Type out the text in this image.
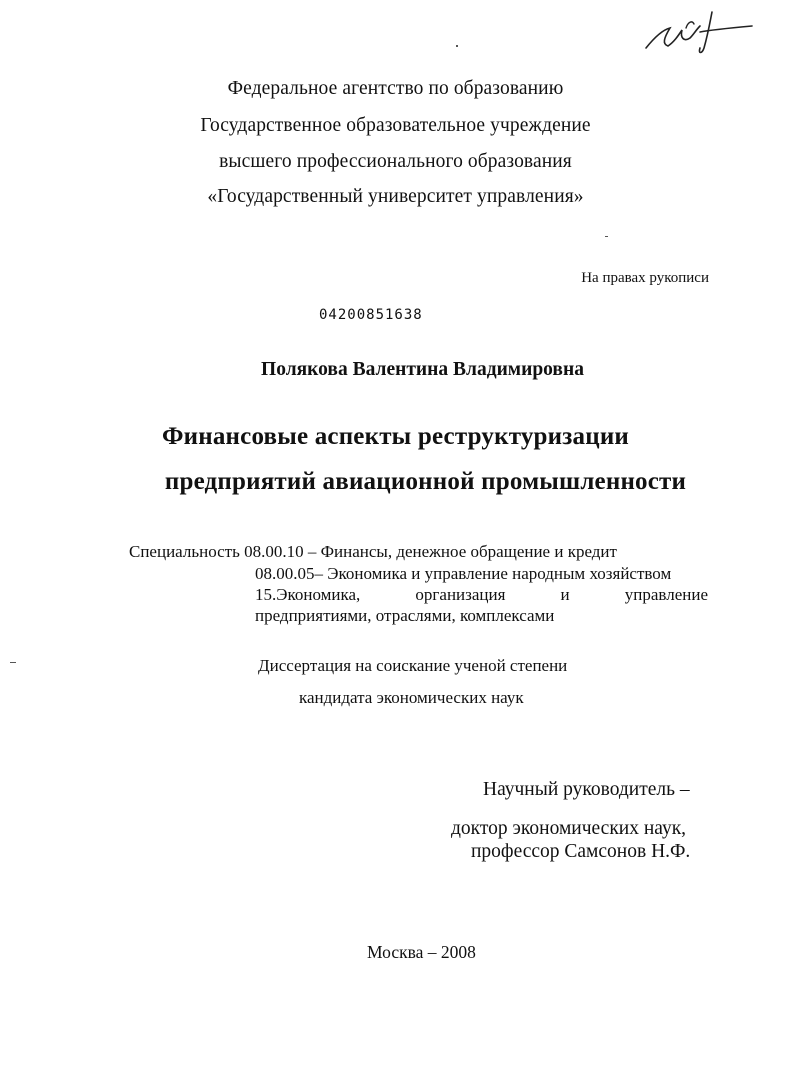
Федеральное агентство по образованию
Государственное образовательное учреждение
высшего профессионального образования
«Государственный университет управления»
На правах рукописи
04200851638
Полякова Валентина Владимировна
Финансовые аспекты реструктуризации
предприятий авиационной промышленности
Специальность 08.00.10 – Финансы, денежное обращение и кредит
08.00.05– Экономика и управление народным хозяйством
15.Экономика,	организация	и	управление
предприятиями, отраслями, комплексами
Диссертация на соискание ученой степени
кандидата экономических наук
Научный руководитель –
доктор экономических наук,
профессор Самсонов Н.Ф.
Москва – 2008
